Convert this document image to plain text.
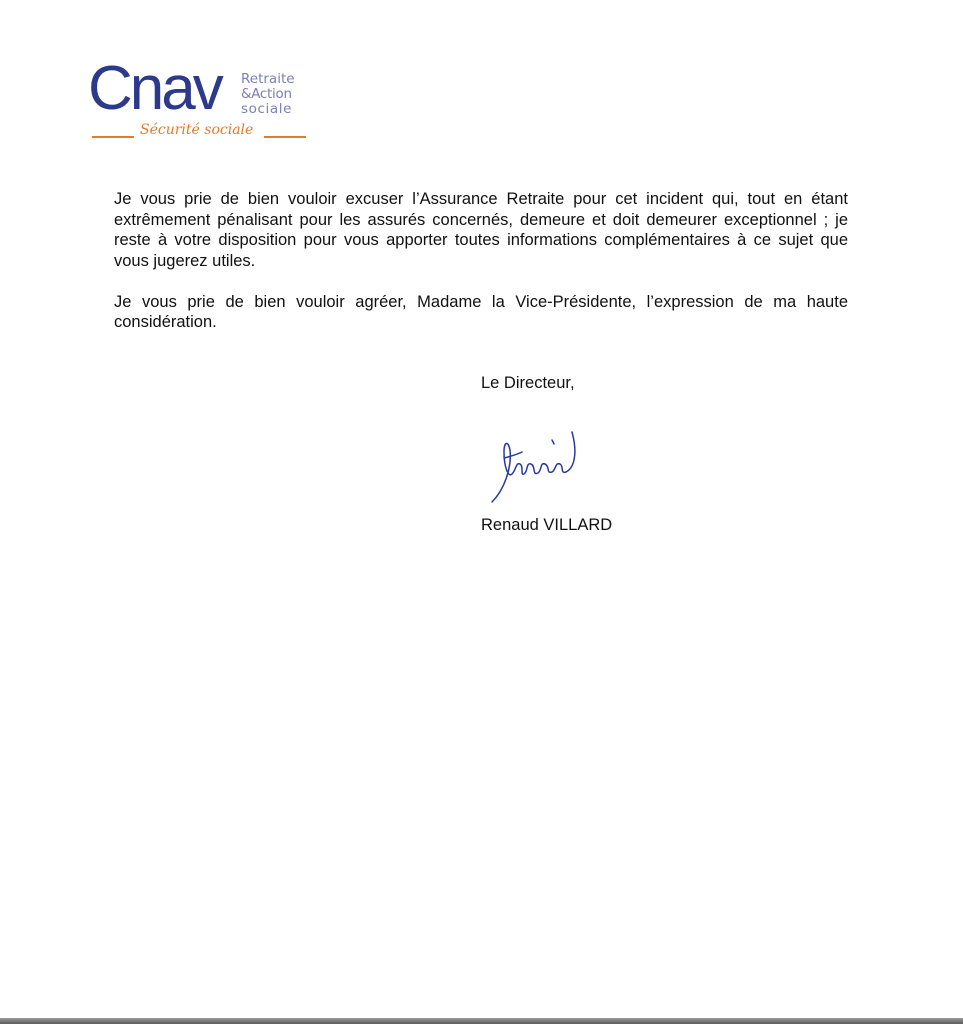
Cnav Retraite
&Action
sociale
Sécurité sociale

Je vous prie de bien vouloir excuser l’Assurance Retraite pour cet incident qui, tout en étant extrêmement pénalisant pour les assurés concernés, demeure et doit demeurer exceptionnel ; je reste à votre disposition pour vous apporter toutes informations complémentaires à ce sujet que vous jugerez utiles.

Je vous prie de bien vouloir agréer, Madame la Vice-Présidente, l’expression de ma haute considération.

Le Directeur,
Renaud VILLARD
